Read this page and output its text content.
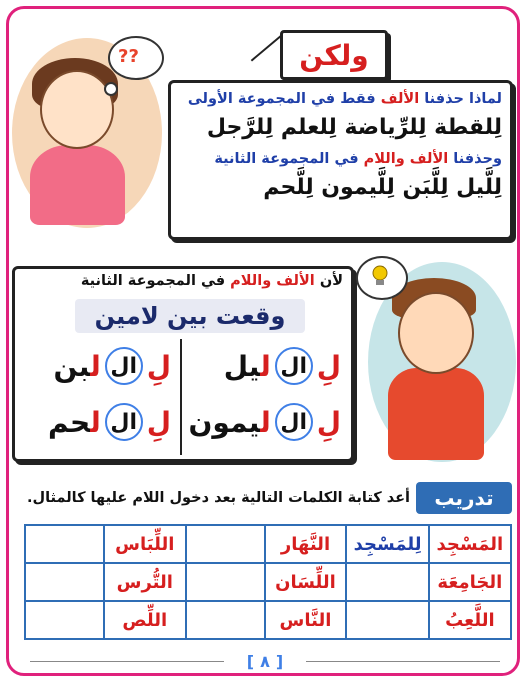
??	ولكن
لماذا حذفنا الألف فقط في المجموعة الأولى
لِلقطة لِلرِّياضة لِلعلم لِلرَّجل
وحذفنا الألف واللام في المجموعة الثانية
لِلَّيل لِلَّبَن لِلَّيمون لِلَّحم
لأن الألف واللام في المجموعة الثانية
وقعت بين لامين
لِ
ال
ليل
لِ
ال
لبن
لِ
ال
ليمون
لِ
ال
لحم
تدريب
أعد كتابة الكلمات التالية بعد دخول اللام عليها كالمثال.
المَسْجِد	لِلمَسْجِد	النَّهَار		اللِّبَاس	
الجَامِعَة		اللِّسَان		التُّرس	
اللَّعِبُ		النَّاس		اللِّص	
[ ٨ ]
